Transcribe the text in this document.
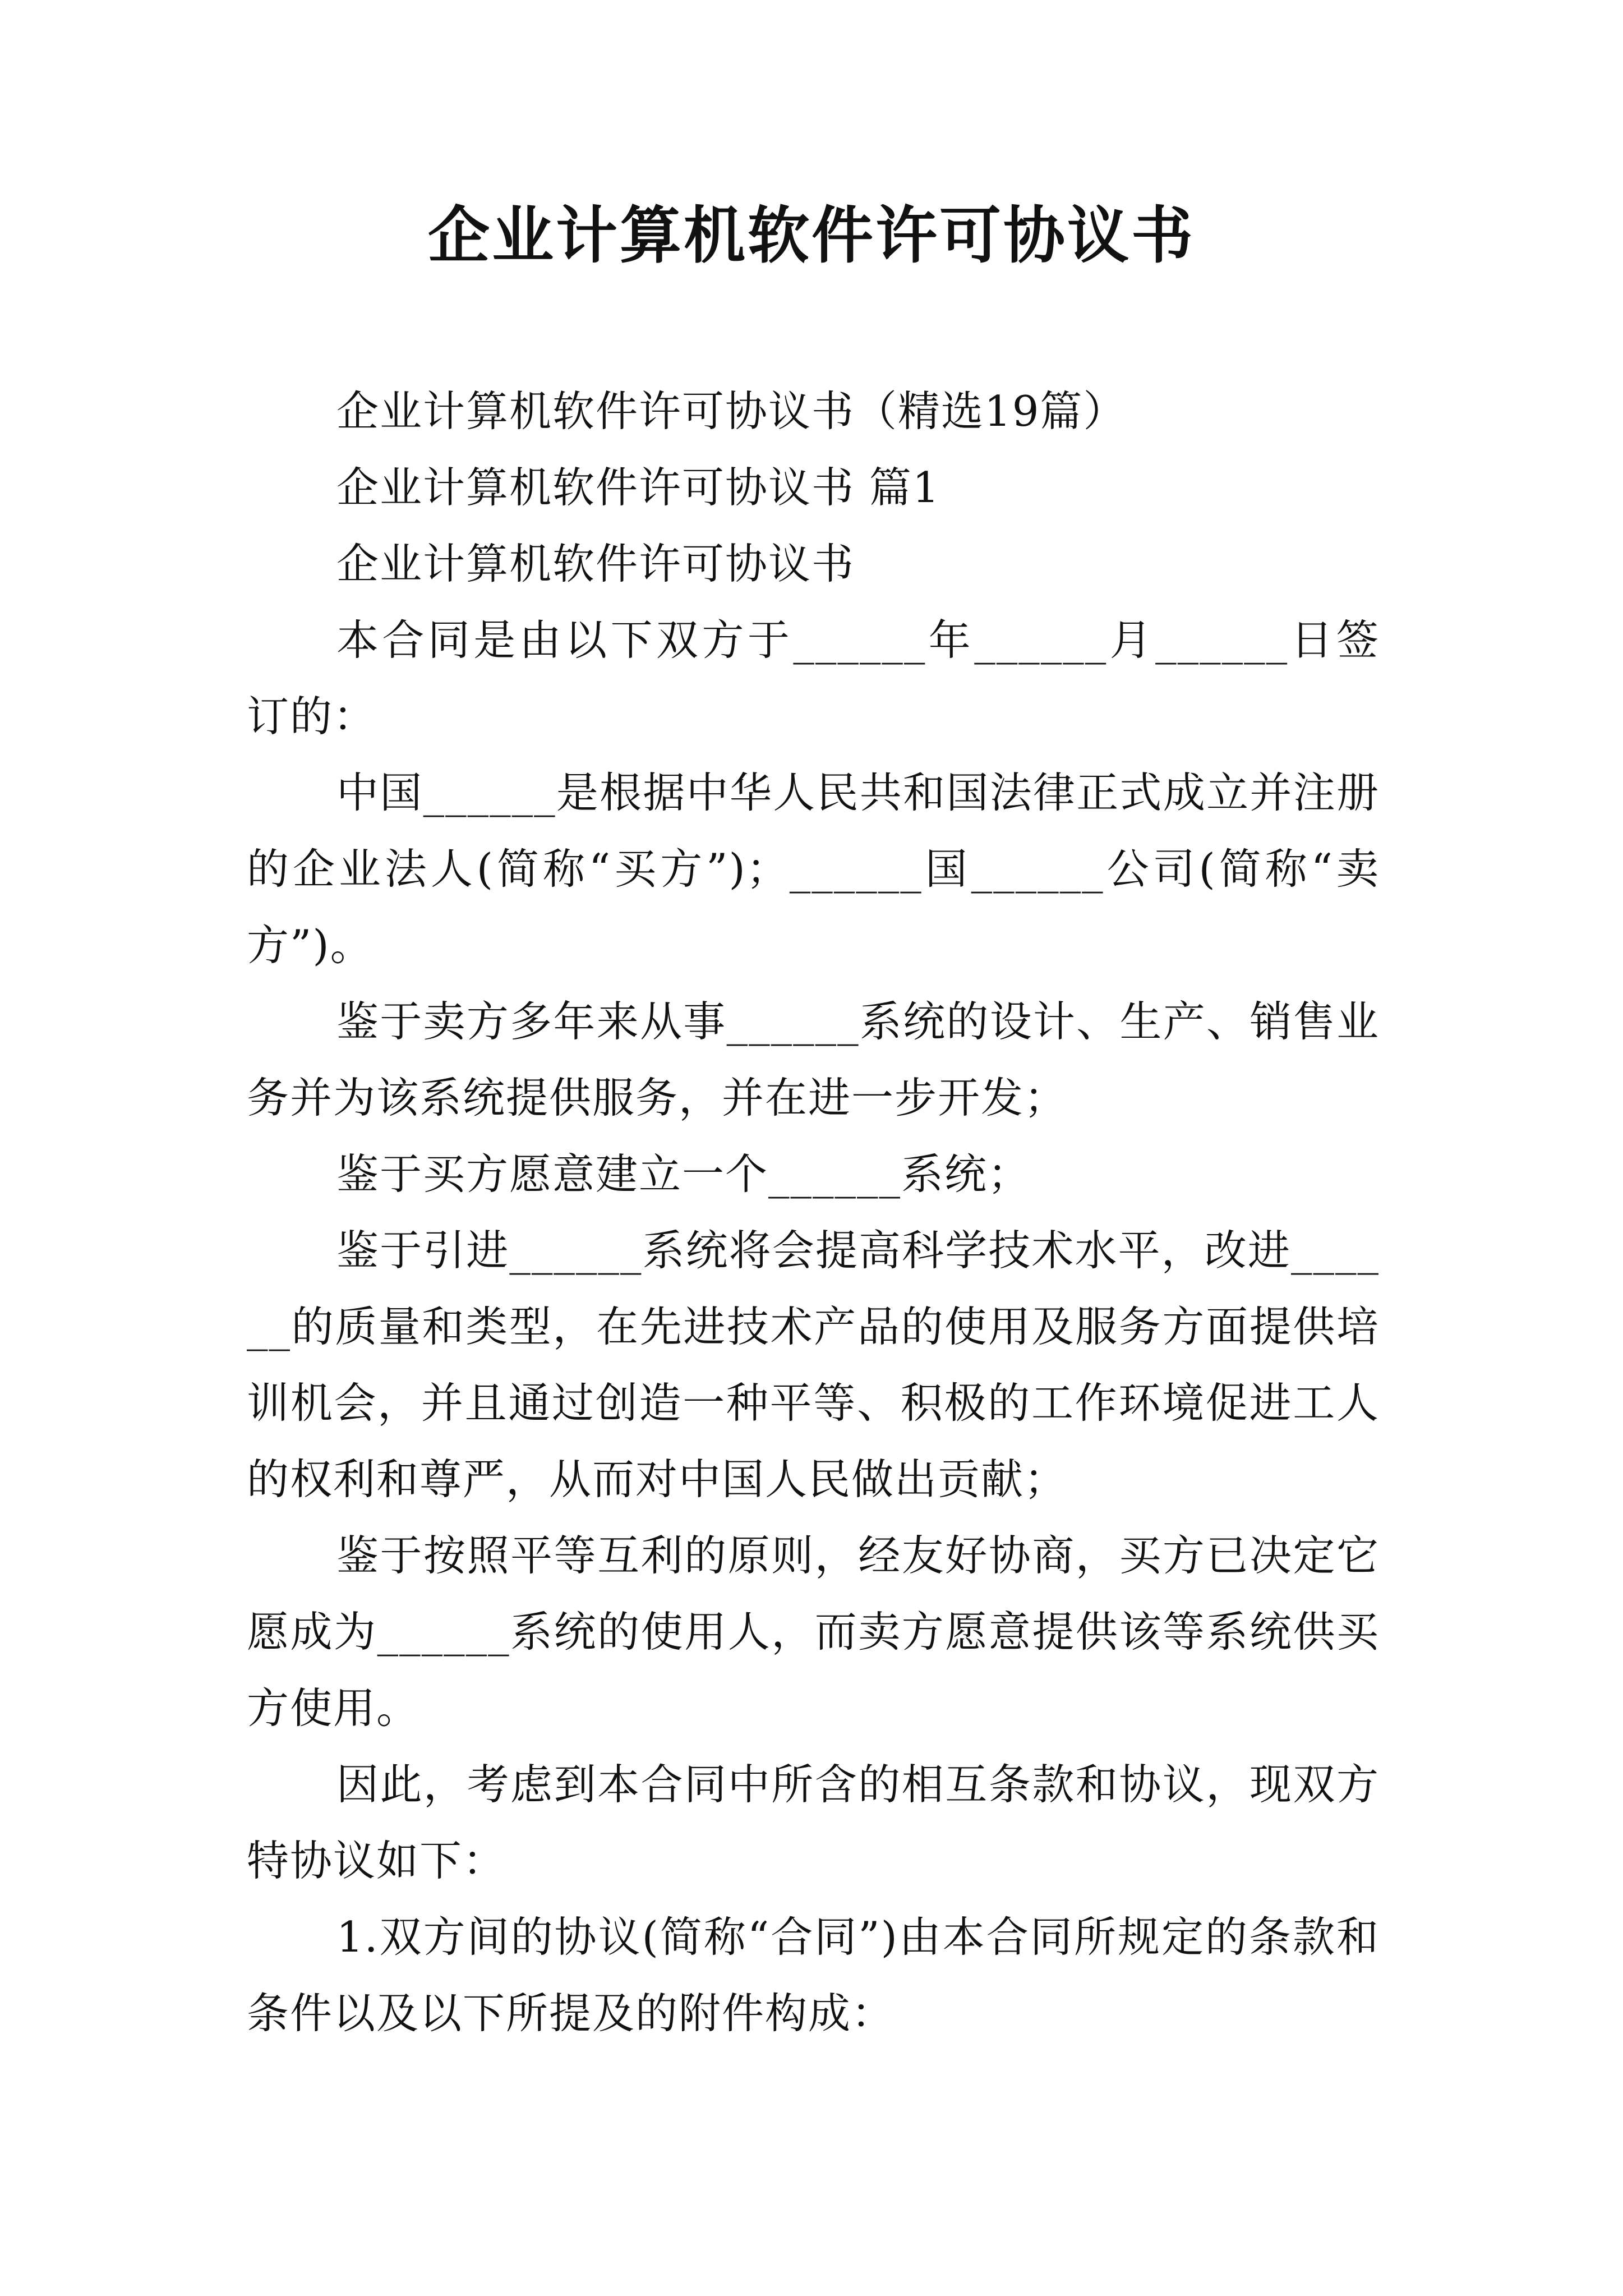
企业计算机软件许可协议书

企业计算机软件许可协议书（精选19篇）

企业计算机软件许可协议书 篇1

企业计算机软件许可协议书

本合同是由以下双方于______年______月______日签订的：

中国______是根据中华人民共和国法律正式成立并注册的企业法人(简称“买方”)；______国______公司(简称“卖方”)。

鉴于卖方多年来从事______系统的设计、生产、销售业务并为该系统提供服务，并在进一步开发；

鉴于买方愿意建立一个______系统；

鉴于引进______系统将会提高科学技术水平，改进______的质量和类型，在先进技术产品的使用及服务方面提供培训机会，并且通过创造一种平等、积极的工作环境促进工人的权利和尊严，从而对中国人民做出贡献；

鉴于按照平等互利的原则，经友好协商，买方已决定它愿成为______系统的使用人，而卖方愿意提供该等系统供买方使用。

因此，考虑到本合同中所含的相互条款和协议，现双方特协议如下：

1.双方间的协议(简称“合同”)由本合同所规定的条款和条件以及以下所提及的附件构成：
